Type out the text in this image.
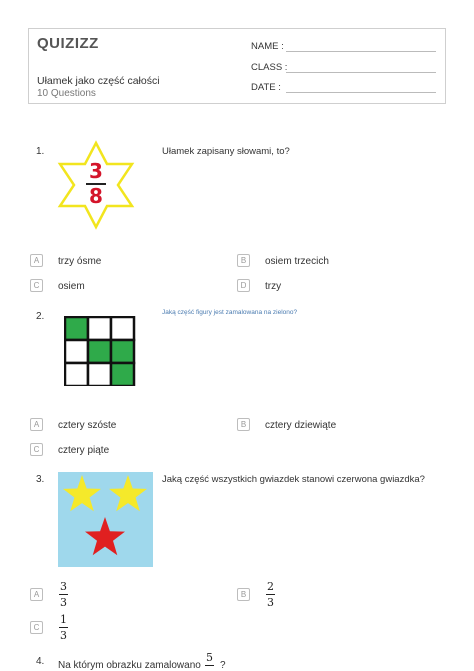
QUIZIZZ
Ułamek jako część całości
10 Questions
NAME :
CLASS :
DATE :
1.
3
8
Ułamek zapisany słowami, to?
A	trzy ósme	B	osiem trzecich
C	osiem	D	trzy
2.	Jaką część figury jest zamalowana na zielono?
A	cztery szóste	B	cztery dziewiąte
C	cztery piąte
3.	Jaką część wszystkich gwiazdek stanowi czerwona gwiazdka?
A
3
3
B
2
3
C
1
3
4. Na którym obrazku zamalowano
5
?
